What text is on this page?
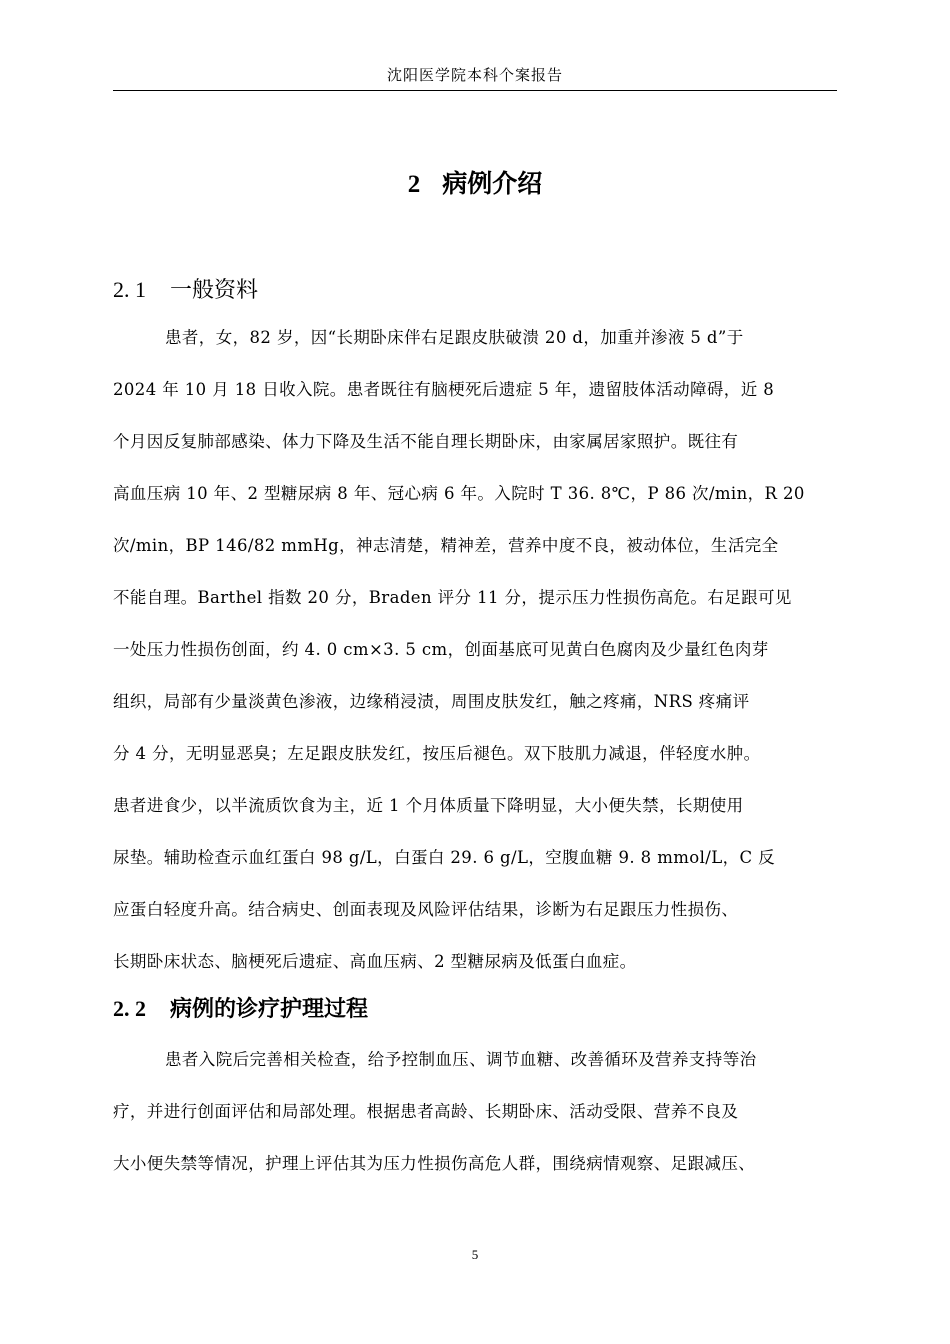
沈阳医学院本科个案报告
2 病例介绍
2. 1 一般资料
患者，女，82 岁，因“长期卧床伴右足跟皮肤破溃 20 d，加重并渗液 5 d”于
2024 年 10 月 18 日收入院。患者既往有脑梗死后遗症 5 年，遗留肢体活动障碍，近 8
个月因反复肺部感染、体力下降及生活不能自理长期卧床，由家属居家照护。既往有
高血压病 10 年、2 型糖尿病 8 年、冠心病 6 年。入院时 T 36. 8℃，P 86 次/min，R 20
次/min，BP 146/82 mmHg，神志清楚，精神差，营养中度不良，被动体位，生活完全
不能自理。Barthel 指数 20 分，Braden 评分 11 分，提示压力性损伤高危。右足跟可见
一处压力性损伤创面，约 4. 0 cm×3. 5 cm，创面基底可见黄白色腐肉及少量红色肉芽
组织，局部有少量淡黄色渗液，边缘稍浸渍，周围皮肤发红，触之疼痛，NRS 疼痛评
分 4 分，无明显恶臭；左足跟皮肤发红，按压后褪色。双下肢肌力减退，伴轻度水肿。
患者进食少，以半流质饮食为主，近 1 个月体质量下降明显，大小便失禁，长期使用
尿垫。辅助检查示血红蛋白 98 g/L，白蛋白 29. 6 g/L，空腹血糖 9. 8 mmol/L，C 反
应蛋白轻度升高。结合病史、创面表现及风险评估结果，诊断为右足跟压力性损伤、
长期卧床状态、脑梗死后遗症、高血压病、2 型糖尿病及低蛋白血症。
2. 2 病例的诊疗护理过程
患者入院后完善相关检查，给予控制血压、调节血糖、改善循环及营养支持等治
疗，并进行创面评估和局部处理。根据患者高龄、长期卧床、活动受限、营养不良及
大小便失禁等情况，护理上评估其为压力性损伤高危人群，围绕病情观察、足跟减压、
5
